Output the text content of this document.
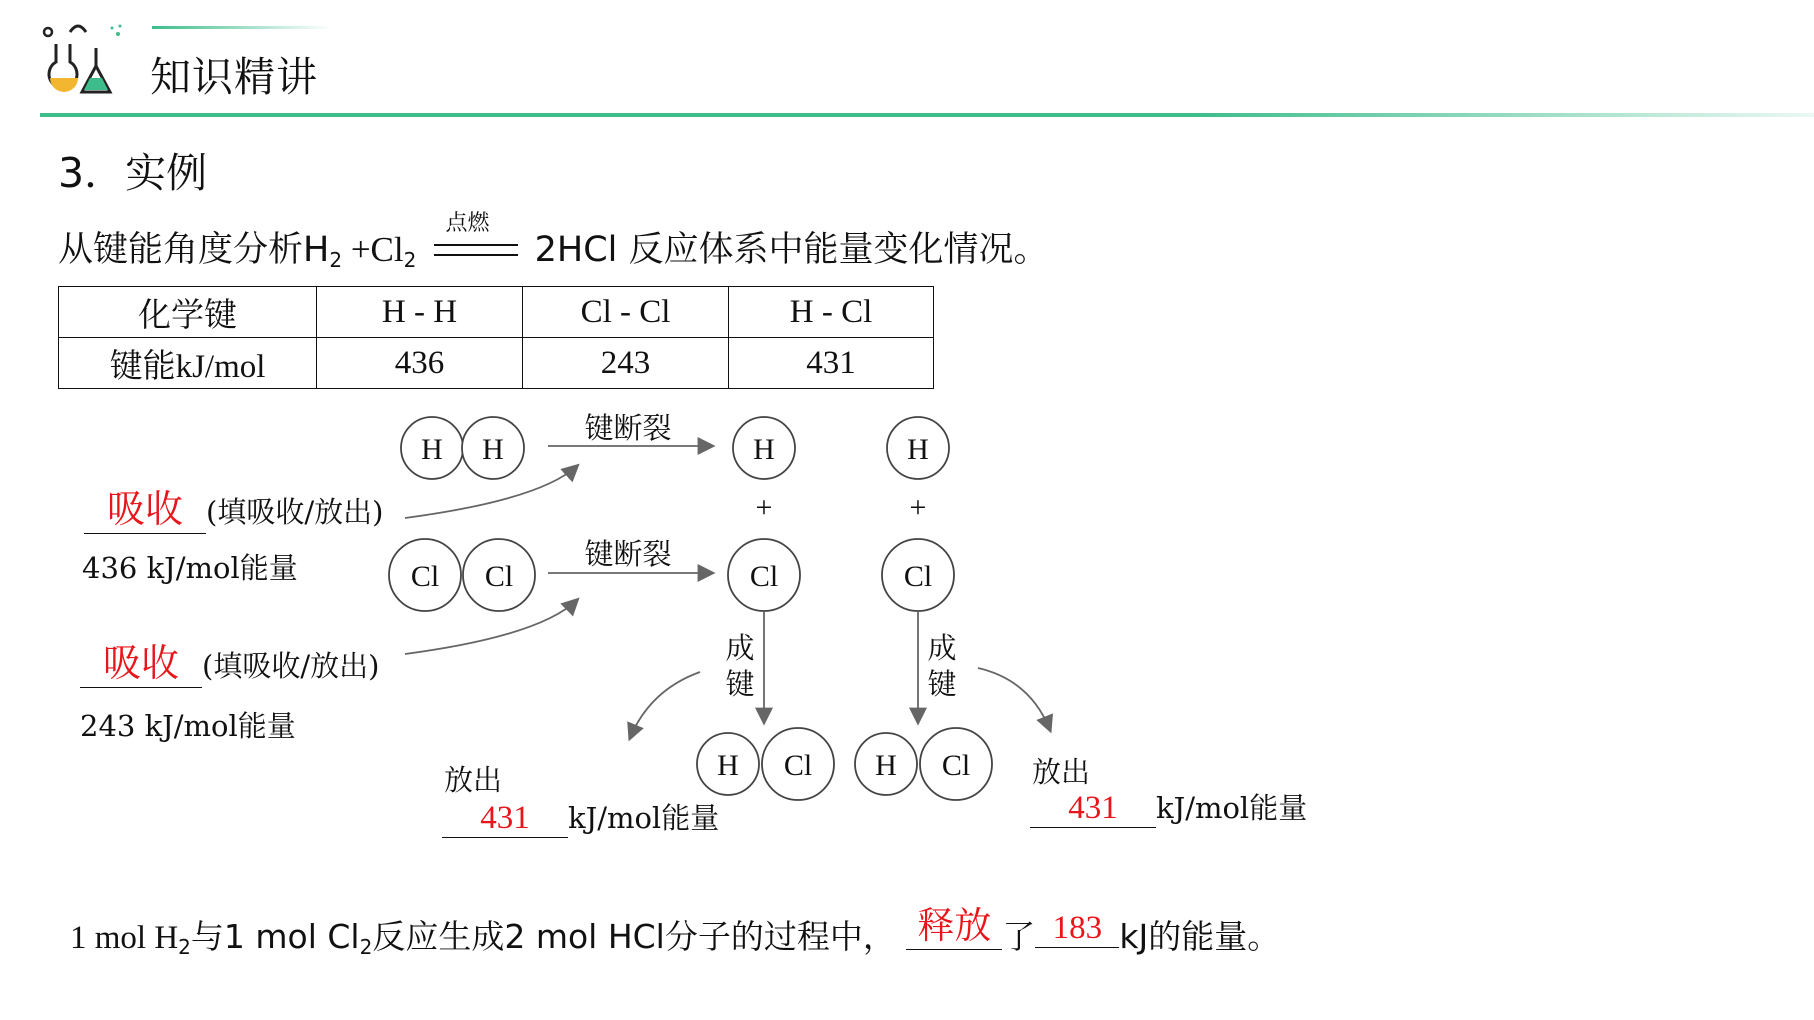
知识精讲
3．实例
从键能角度分析$H_2 +Cl_2$
点燃
2HCl 反应体系中能量变化情况。
化学键	H - H	Cl - Cl	H - Cl
键能kJ/mol	436	243	431
H H	H	H
Cl Cl	Cl	Cl
H Cl H Cl
+	+
键断裂
键断裂
成
键
成
键
吸收 (填吸收/放出)
436 kJ/mol能量
吸收 (填吸收/放出)
243 kJ/mol能量
放出
431 kJ/mol能量
放出
431 kJ/mol能量
1 mol $H_2$与1 mol $Cl_2$反应生成2 mol HCl分子的过程中， 释放 了 183 kJ的能量。
